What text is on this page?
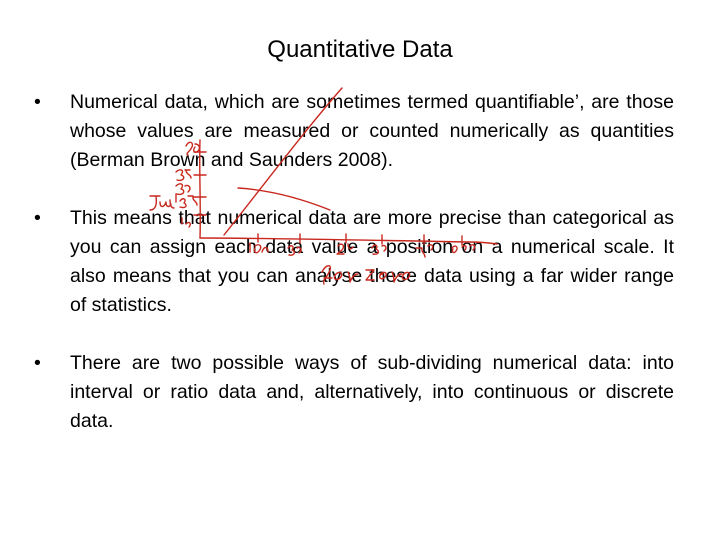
Quantitative Data
• Numerical data, which are sometimes termed quantifiable’, are those whose values are measured or counted numerically as quantities (Berman Brown and Saunders 2008).
• This means that numerical data are more precise than categorical as you can assign each data value a position on a numerical scale. It also means that you can analyse these data using a far wider range of statistics.
• There are two possible ways of sub-dividing numerical data: into interval or ratio data and, alternatively, into continuous or discrete data.
